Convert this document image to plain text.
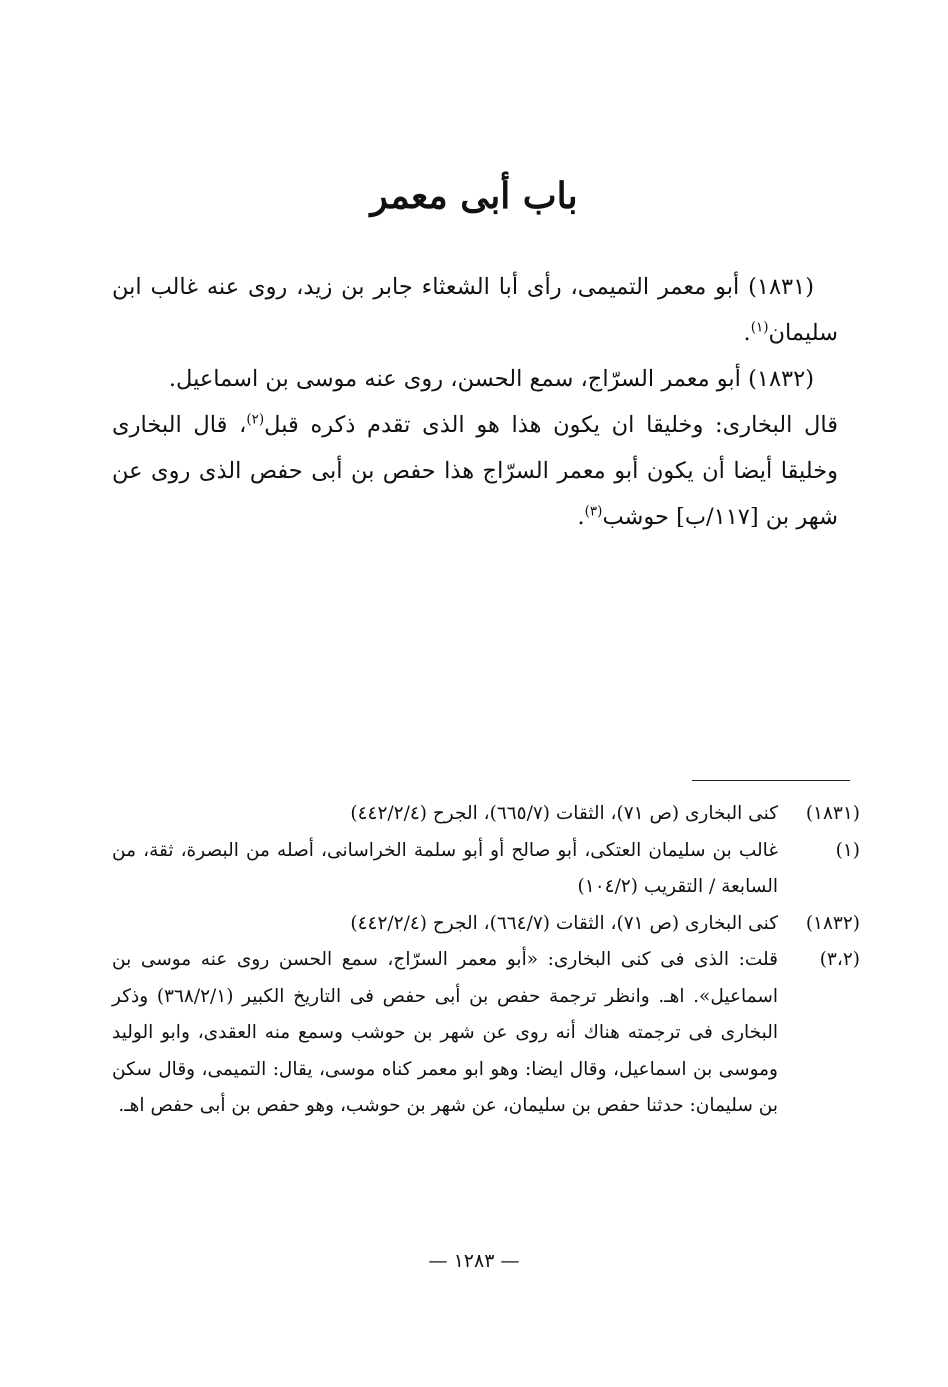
باب أبى معمر

(١٨٣١) أبو معمر التميمى، رأى أبا الشعثاء جابر بن زيد، روى عنه غالب ابن سليمان$^{(١)}$.

(١٨٣٢) أبو معمر السرّاج، سمع الحسن، روى عنه موسى بن اسماعيل.

قال البخارى: وخليقا ان يكون هذا هو الذى تقدم ذكره قبل$^{(٢)}$، قال البخارى وخليقا أيضا أن يكون أبو معمر السرّاج هذا حفص بن أبى حفص الذى روى عن شهر بن [١١٧/ب] حوشب$^{(٣)}$.

(١٨٣١)
كنى البخارى (ص ٧١)، الثقات (٦٦٥/٧)، الجرح (٤٤٢/٢/٤)
(١)
غالب بن سليمان العتكى، أبو صالح أو أبو سلمة الخراسانى، أصله من البصرة، ثقة، من السابعة / التقريب (١٠٤/٢)
(١٨٣٢)
كنى البخارى (ص ٧١)، الثقات (٦٦٤/٧)، الجرح (٤٤٢/٢/٤)
(٣،٢)
قلت: الذى فى كنى البخارى: «أبو معمر السرّاج، سمع الحسن روى عنه موسى بن اسماعيل». اهـ. وانظر ترجمة حفص بن أبى حفص فى التاريخ الكبير (٣٦٨/٢/١) وذكر البخارى فى ترجمته هناك أنه روى عن شهر بن حوشب وسمع منه العقدى، وابو الوليد وموسى بن اسماعيل، وقال ايضا: وهو ابو معمر كناه موسى، يقال: التميمى، وقال سكن بن سليمان: حدثنا حفص بن سليمان، عن شهر بن حوشب، وهو حفص بن أبى حفص اهـ.
— ١٢٨٣ —
